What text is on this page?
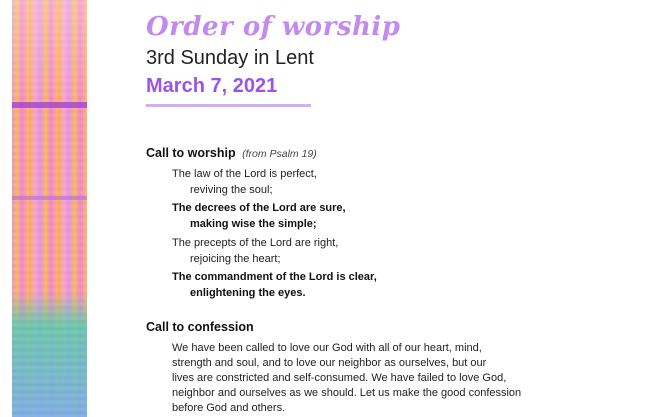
Order of worship
3rd Sunday in Lent
March 7, 2021
Call to worship (from Psalm 19)
The law of the Lord is perfect,
reviving the soul;
The decrees of the Lord are sure,
making wise the simple;
The precepts of the Lord are right,
rejoicing the heart;
The commandment of the Lord is clear,
enlightening the eyes.
Call to confession
We have been called to love our God with all of our heart, mind,
strength and soul, and to love our neighbor as ourselves, but our
lives are constricted and self-consumed. We have failed to love God,
neighbor and ourselves as we should. Let us make the good confession
before God and others.
